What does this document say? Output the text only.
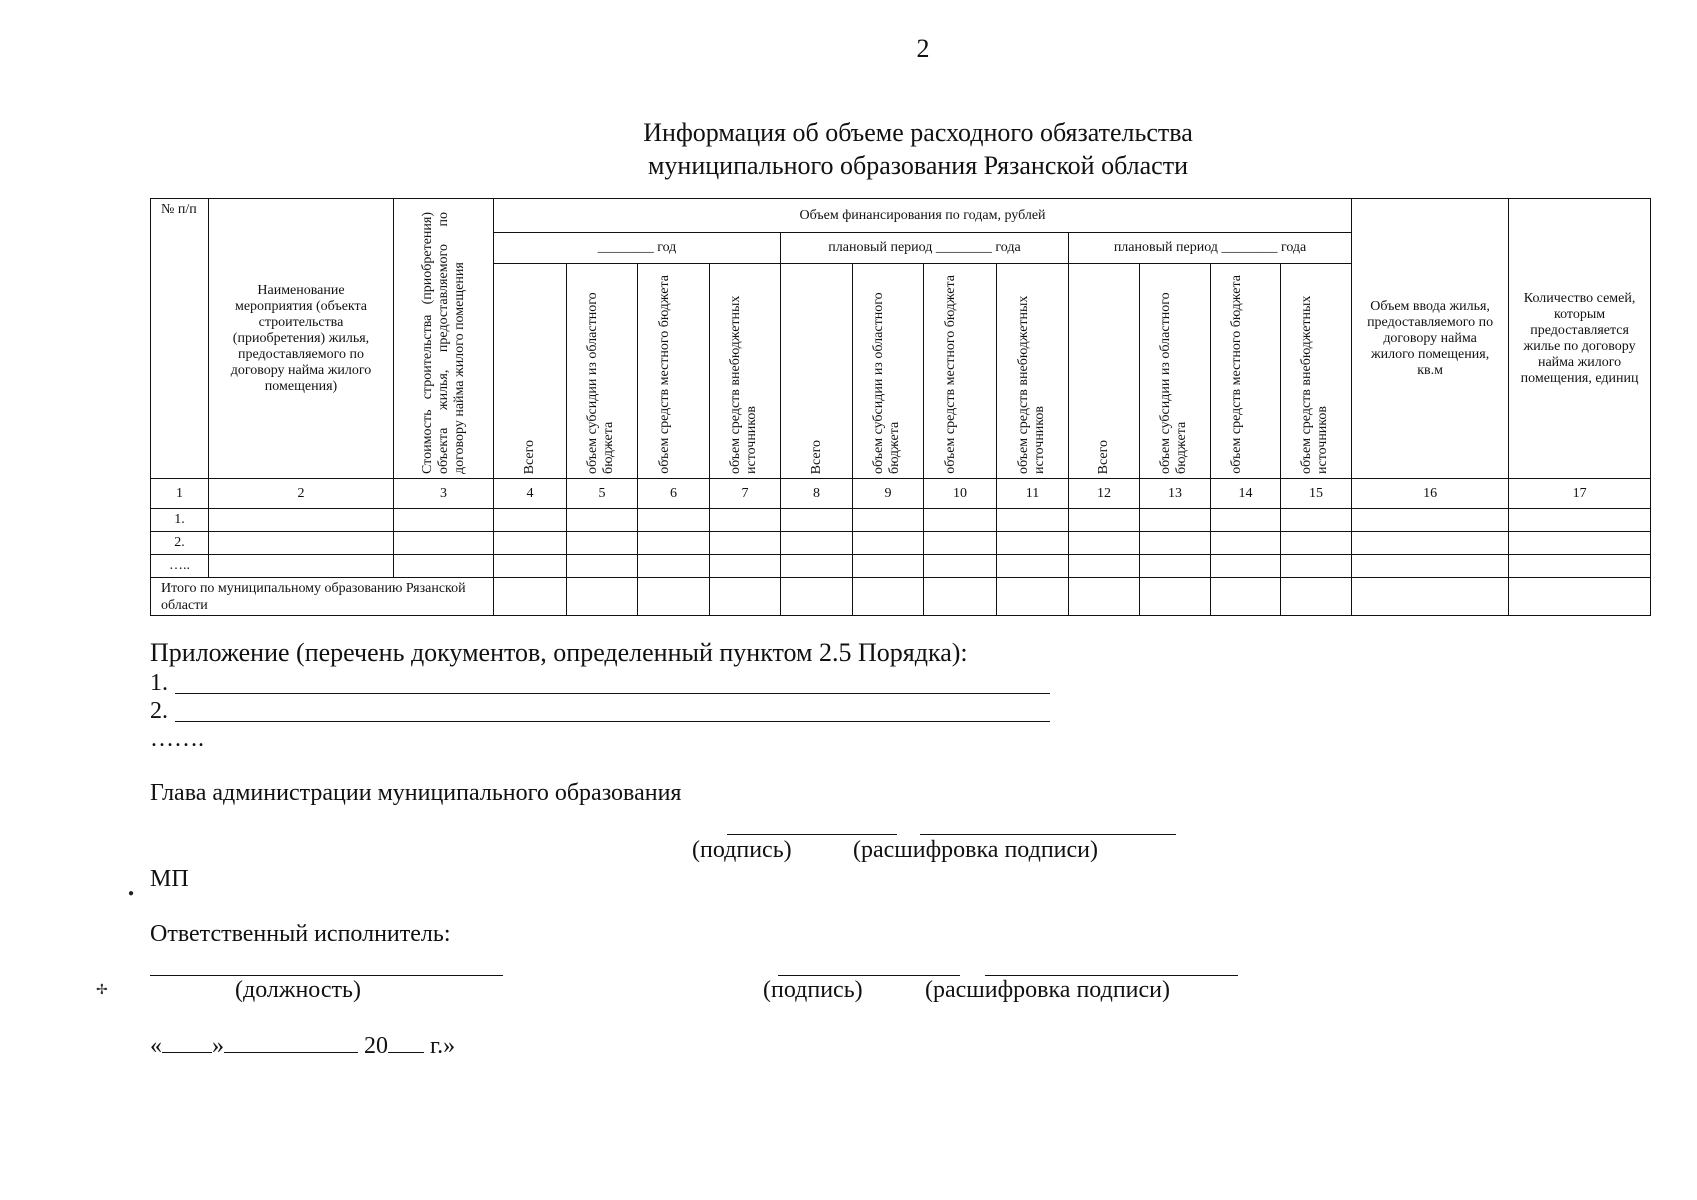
2
Информация об объеме расходного обязательства
муниципального образования Рязанской области
№ п/п	Наименование мероприятия (объекта строительства (приобретения) жилья, предоставляемого по договору найма жилого помещения)	Стоимость строительства (приобретения) объекта жилья, предоставляемого по договору найма жилого помещения	Объем финансирования по годам, рублей												Объем ввода жилья, предоставляемого по договору найма жилого помещения, кв.м	Количество семей, которым предоставляется жилье по договору найма жилого помещения, единиц
			________ год				плановый период ________ года				плановый период ________ года					

			Всего	объем субсидии из областного бюджета	объем средств местного бюджета	объем средств внебюджетных источников	Всего	объем субсидии из областного бюджета	объем средств местного бюджета	объем средств внебюджетных источников	Всего	объем субсидии из областного бюджета	объем средств местного бюджета	объем средств внебюджетных источников		

1	2	3	4	5	6	7	8	9	10	11	12	13	14	15	16	17
1.																
2.																
…..																
Итого по муниципальному образованию Рязанской области																
Приложение (перечень документов, определенный пунктом 2.5 Порядка):
1.
2.
…….
Глава администрации муниципального образования
(подпись)	(расшифровка подписи)
МП
Ответственный исполнитель:
(должность)	(подпись)	(расшифровка подписи)
« »	20 г.»
●
✢
